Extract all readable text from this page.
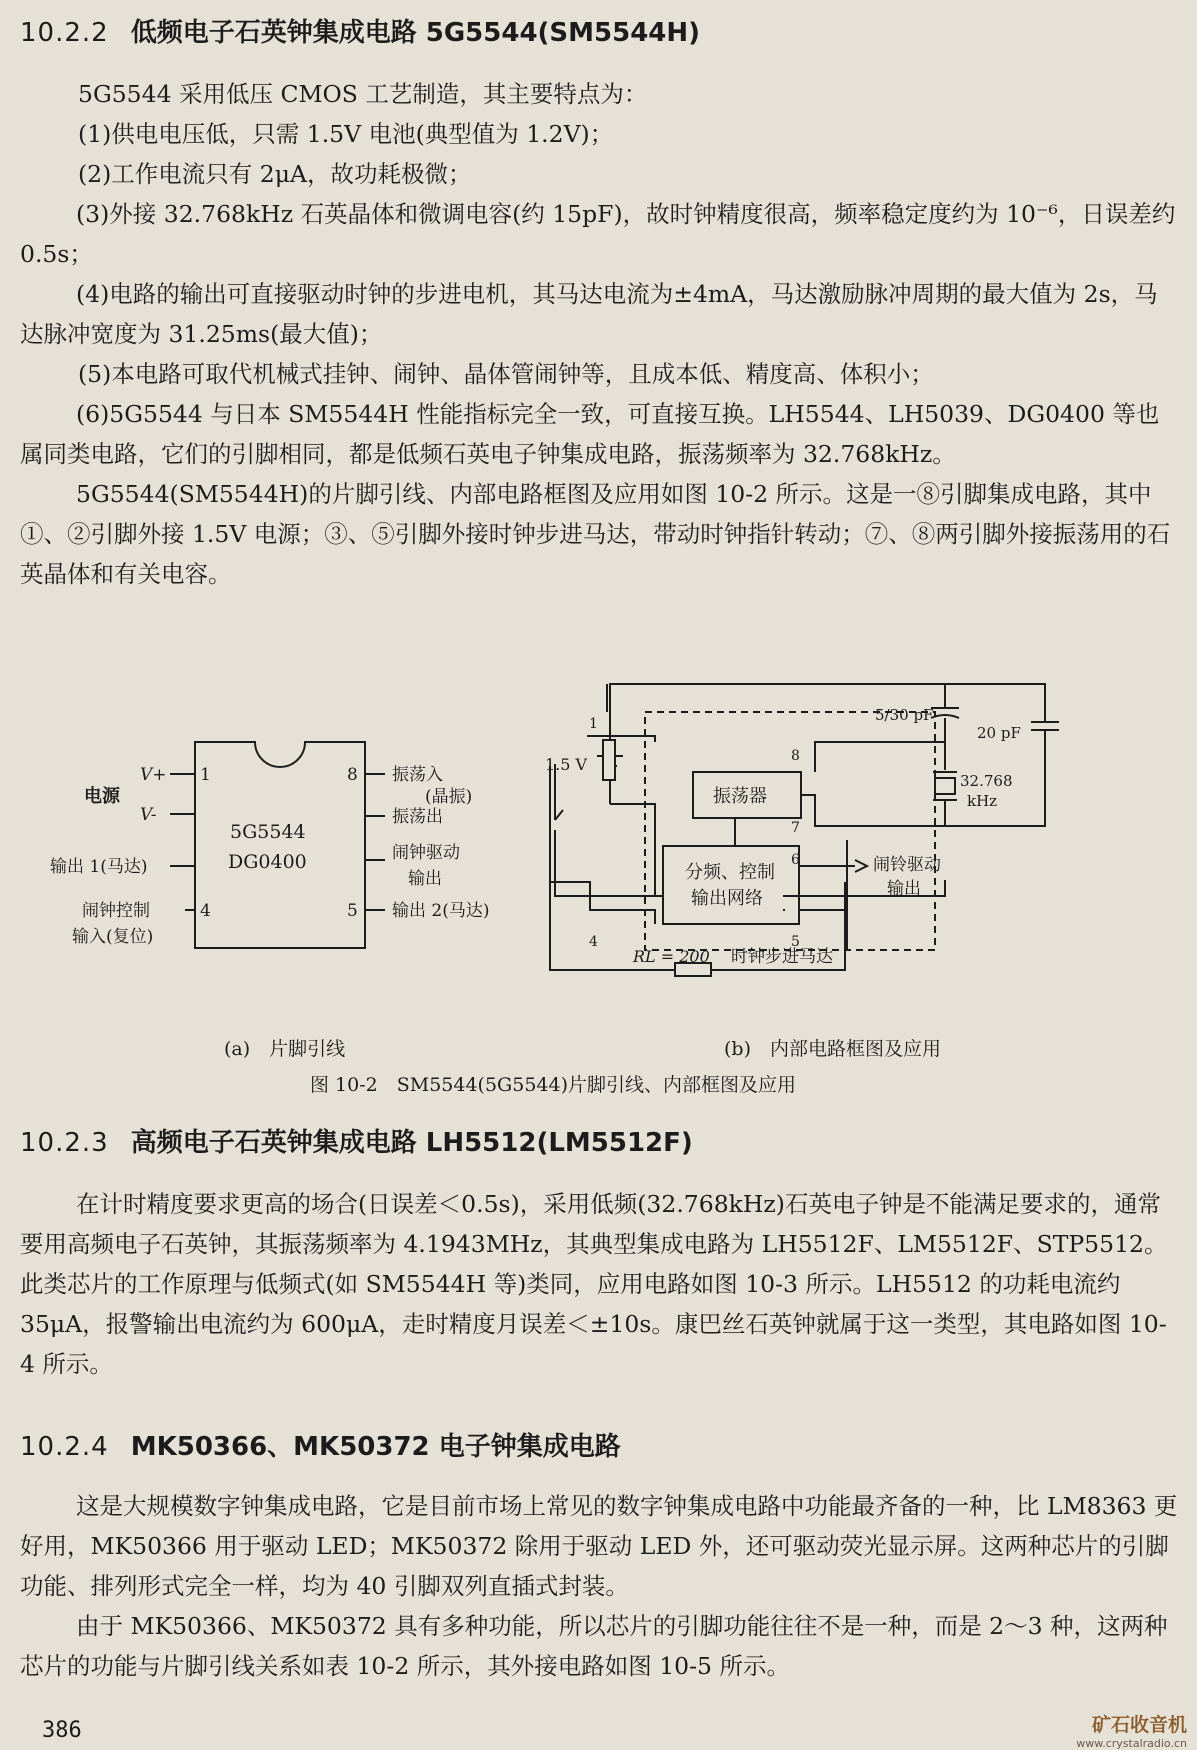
10.2.2 低频电子石英钟集成电路 5G5544(SM5544H)
5G5544 采用低压 CMOS 工艺制造，其主要特点为：
(1)供电电压低，只需 1.5V 电池(典型值为 1.2V)；
(2)工作电流只有 2μA，故功耗极微；

(3)外接 32.768kHz 石英晶体和微调电容(约 15pF)，故时钟精度很高，频率稳定度约为 10⁻⁶，日误差约 0.5s；

(4)电路的输出可直接驱动时钟的步进电机，其马达电流为±4mA，马达激励脉冲周期的最大值为 2s，马达脉冲宽度为 31.25ms(最大值)；

(5)本电路可取代机械式挂钟、闹钟、晶体管闹钟等，且成本低、精度高、体积小；

(6)5G5544 与日本 SM5544H 性能指标完全一致，可直接互换。LH5544、LH5039、DG0400 等也属同类电路，它们的引脚相同，都是低频石英电子钟集成电路，振荡频率为 32.768kHz。

5G5544(SM5544H)的片脚引线、内部电路框图及应用如图 10-2 所示。这是一⑧引脚集成电路，其中①、②引脚外接 1.5V 电源；③、⑤引脚外接时钟步进马达，带动时钟指针转动；⑦、⑧两引脚外接振荡用的石英晶体和有关电容。

1
4
8
5
5G5544
DG0400
V+
V-
电源
输出 1(马达)
闹钟控制
输入(复位)
振荡入
(晶振)
振荡出
闹钟驱动
输出
输出 2(马达)
5/30 pF
20 pF
32.768
kHz
1.5 V
振荡器
分频、控制
输出网络
闹铃驱动
输出
RL = 200 时钟步进马达
1
4	5
6
7
8
(a)　片脚引线	(b)　内部电路框图及应用
图 10-2　SM5544(5G5544)片脚引线、内部框图及应用
10.2.3 高频电子石英钟集成电路 LH5512(LM5512F)

在计时精度要求更高的场合(日误差＜0.5s)，采用低频(32.768kHz)石英电子钟是不能满足要求的，通常要用高频电子石英钟，其振荡频率为 4.1943MHz，其典型集成电路为 LH5512F、LM5512F、STP5512。此类芯片的工作原理与低频式(如 SM5544H 等)类同，应用电路如图 10-3 所示。LH5512 的功耗电流约 35μA，报警输出电流约为 600μA，走时精度月误差＜±10s。康巴丝石英钟就属于这一类型，其电路如图 10-4 所示。

10.2.4 MK50366、MK50372 电子钟集成电路

这是大规模数字钟集成电路，它是目前市场上常见的数字钟集成电路中功能最齐备的一种，比 LM8363 更好用，MK50366 用于驱动 LED；MK50372 除用于驱动 LED 外，还可驱动荧光显示屏。这两种芯片的引脚功能、排列形式完全一样，均为 40 引脚双列直插式封装。

由于 MK50366、MK50372 具有多种功能，所以芯片的引脚功能往往不是一种，而是 2～3 种，这两种芯片的功能与片脚引线关系如表 10-2 所示，其外接电路如图 10-5 所示。

386	矿石收音机
www.crystalradio.cn
